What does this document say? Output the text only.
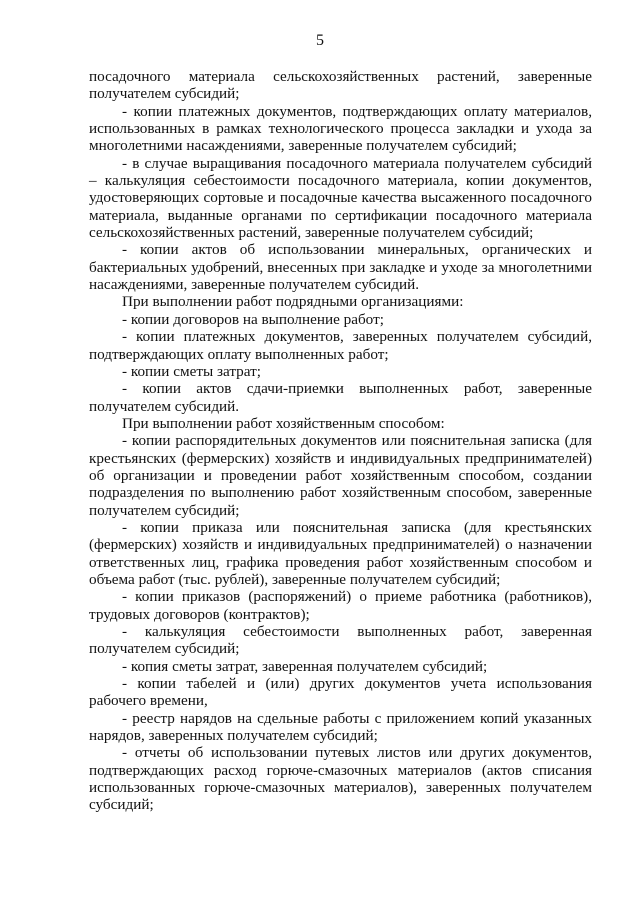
5

посадочного материала сельскохозяйственных растений, заверенные получателем субсидий;

- копии платежных документов, подтверждающих оплату материалов, использованных в рамках технологического процесса закладки и ухода за многолетними насаждениями, заверенные получателем субсидий;

- в случае выращивания посадочного материала получателем субсидий – калькуляция себестоимости посадочного материала, копии документов, удостоверяющих сортовые и посадочные качества высаженного посадочного материала, выданные органами по сертификации посадочного материала сельскохозяйственных растений, заверенные получателем субсидий;

- копии актов об использовании минеральных, органических и бактериальных удобрений, внесенных при закладке и уходе за многолетними насаждениями, заверенные получателем субсидий.

При выполнении работ подрядными организациями:

- копии договоров на выполнение работ;

- копии платежных документов, заверенных получателем субсидий, подтверждающих оплату выполненных работ;

- копии сметы затрат;

- копии актов сдачи-приемки выполненных работ, заверенные получателем субсидий.

При выполнении работ хозяйственным способом:

- копии распорядительных документов или пояснительная записка (для крестьянских (фермерских) хозяйств и индивидуальных предпринимателей) об организации и проведении работ хозяйственным способом, создании подразделения по выполнению работ хозяйственным способом, заверенные получателем субсидий;

- копии приказа или пояснительная записка (для крестьянских (фермерских) хозяйств и индивидуальных предпринимателей) о назначении ответственных лиц, графика проведения работ хозяйственным способом и объема работ (тыс. рублей), заверенные получателем субсидий;

- копии приказов (распоряжений) о приеме работника (работников), трудовых договоров (контрактов);

- калькуляция себестоимости выполненных работ, заверенная получателем субсидий;

- копия сметы затрат, заверенная получателем субсидий;

- копии табелей и (или) других документов учета использования рабочего времени,

- реестр нарядов на сдельные работы с приложением копий указанных нарядов, заверенных получателем субсидий;

- отчеты об использовании путевых листов или других документов, подтверждающих расход горюче-смазочных материалов (актов списания использованных горюче-смазочных материалов), заверенных получателем субсидий;
